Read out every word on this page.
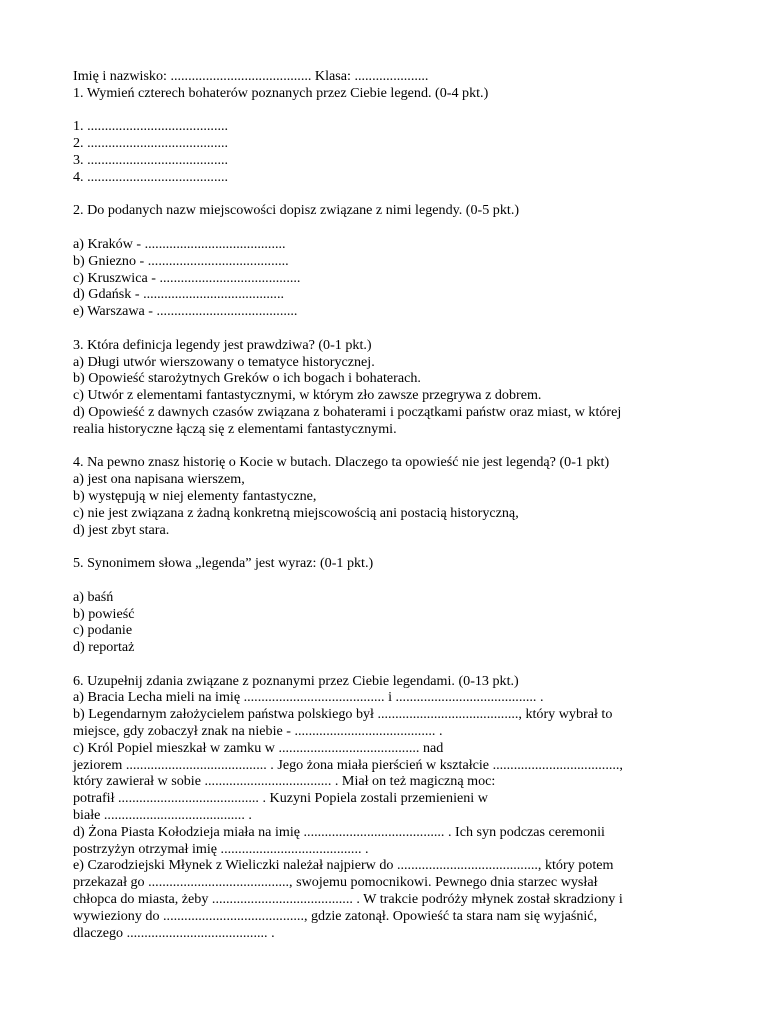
Imię i nazwisko: ........................................ Klasa: .....................

1. Wymień czterech bohaterów poznanych przez Ciebie legend. (0-4 pkt.)

1. ........................................

2. ........................................

3. ........................................

4. ........................................

2. Do podanych nazw miejscowości dopisz związane z nimi legendy. (0-5 pkt.)

a) Kraków - ........................................

b) Gniezno - ........................................

c) Kruszwica - ........................................

d) Gdańsk - ........................................

e) Warszawa - ........................................

3. Która definicja legendy jest prawdziwa? (0-1 pkt.)

a) Długi utwór wierszowany o tematyce historycznej.

b) Opowieść starożytnych Greków o ich bogach i bohaterach.

c) Utwór z elementami fantastycznymi, w którym zło zawsze przegrywa z dobrem.

d) Opowieść z dawnych czasów związana z bohaterami i początkami państw oraz miast, w której

realia historyczne łączą się z elementami fantastycznymi.

4. Na pewno znasz historię o Kocie w butach. Dlaczego ta opowieść nie jest legendą? (0-1 pkt)

a) jest ona napisana wierszem,

b) występują w niej elementy fantastyczne,

c) nie jest związana z żadną konkretną miejscowością ani postacią historyczną,

d) jest zbyt stara.

5. Synonimem słowa „legenda” jest wyraz: (0-1 pkt.)

a) baśń

b) powieść

c) podanie

d) reportaż

6. Uzupełnij zdania związane z poznanymi przez Ciebie legendami. (0-13 pkt.)

a) Bracia Lecha mieli na imię ........................................ i ........................................ .

b) Legendarnym założycielem państwa polskiego był ........................................, który wybrał to

miejsce, gdy zobaczył znak na niebie - ........................................ .

c) Król Popiel mieszkał w zamku w ........................................ nad

jeziorem ........................................ . Jego żona miała pierścień w kształcie ....................................,

który zawierał w sobie .................................... . Miał on też magiczną moc:

potrafił ........................................ . Kuzyni Popiela zostali przemienieni w

białe ........................................ .

d) Żona Piasta Kołodzieja miała na imię ........................................ . Ich syn podczas ceremonii

postrzyżyn otrzymał imię ........................................ .

e) Czarodziejski Młynek z Wieliczki należał najpierw do ........................................, który potem

przekazał go ........................................, swojemu pomocnikowi. Pewnego dnia starzec wysłał

chłopca do miasta, żeby ........................................ . W trakcie podróży młynek został skradziony i

wywieziony do ........................................, gdzie zatonął. Opowieść ta stara nam się wyjaśnić,

dlaczego ........................................ .
